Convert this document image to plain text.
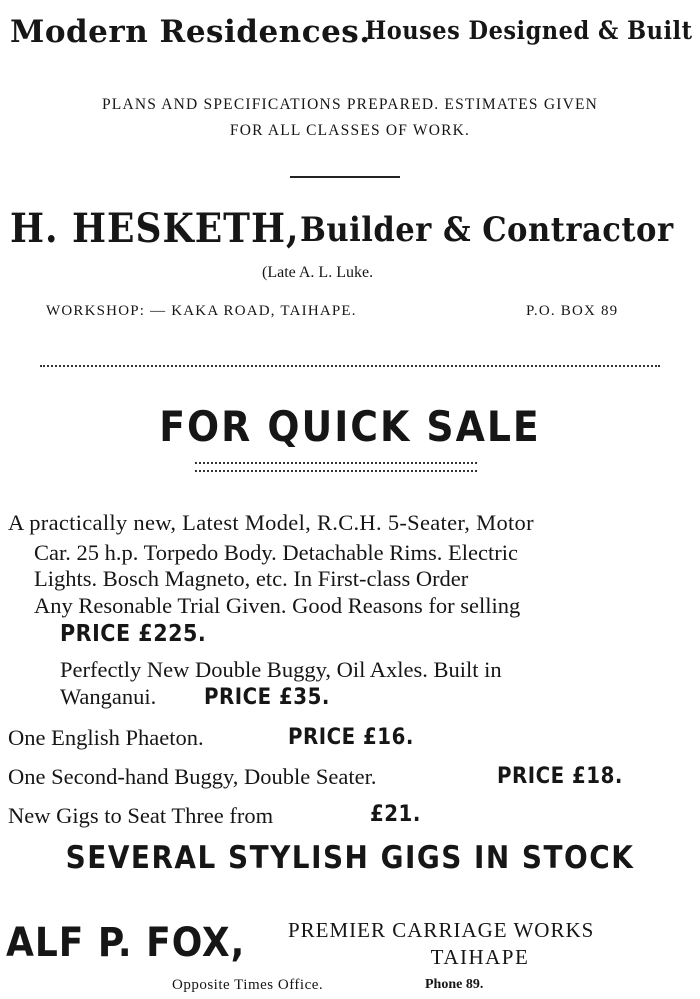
Modern Residences.
Houses Designed & Built
PLANS AND SPECIFICATIONS PREPARED. ESTIMATES GIVEN
FOR ALL CLASSES OF WORK.
H. HESKETH, Builder & Contractor
(Late A. L. Luke.
WORKSHOP: — KAKA ROAD, TAIHAPE.	P.O. BOX 89
FOR QUICK SALE
A practically new, Latest Model, R.C.H. 5-Seater, Motor
Car. 25 h.p. Torpedo Body. Detachable Rims. Electric
Lights. Bosch Magneto, etc. In First-class Order
Any Resonable Trial Given. Good Reasons for selling
PRICE £225.
Perfectly New Double Buggy, Oil Axles. Built in
Wanganui. PRICE £35.
One English Phaeton.	PRICE £16.
One Second-hand Buggy, Double Seater.	PRICE £18.
New Gigs to Seat Three from	£21.
SEVERAL STYLISH GIGS IN STOCK
ALF P. FOX, PREMIER CARRIAGE WORKS
TAIHAPE
Opposite Times Office.	Phone 89.
